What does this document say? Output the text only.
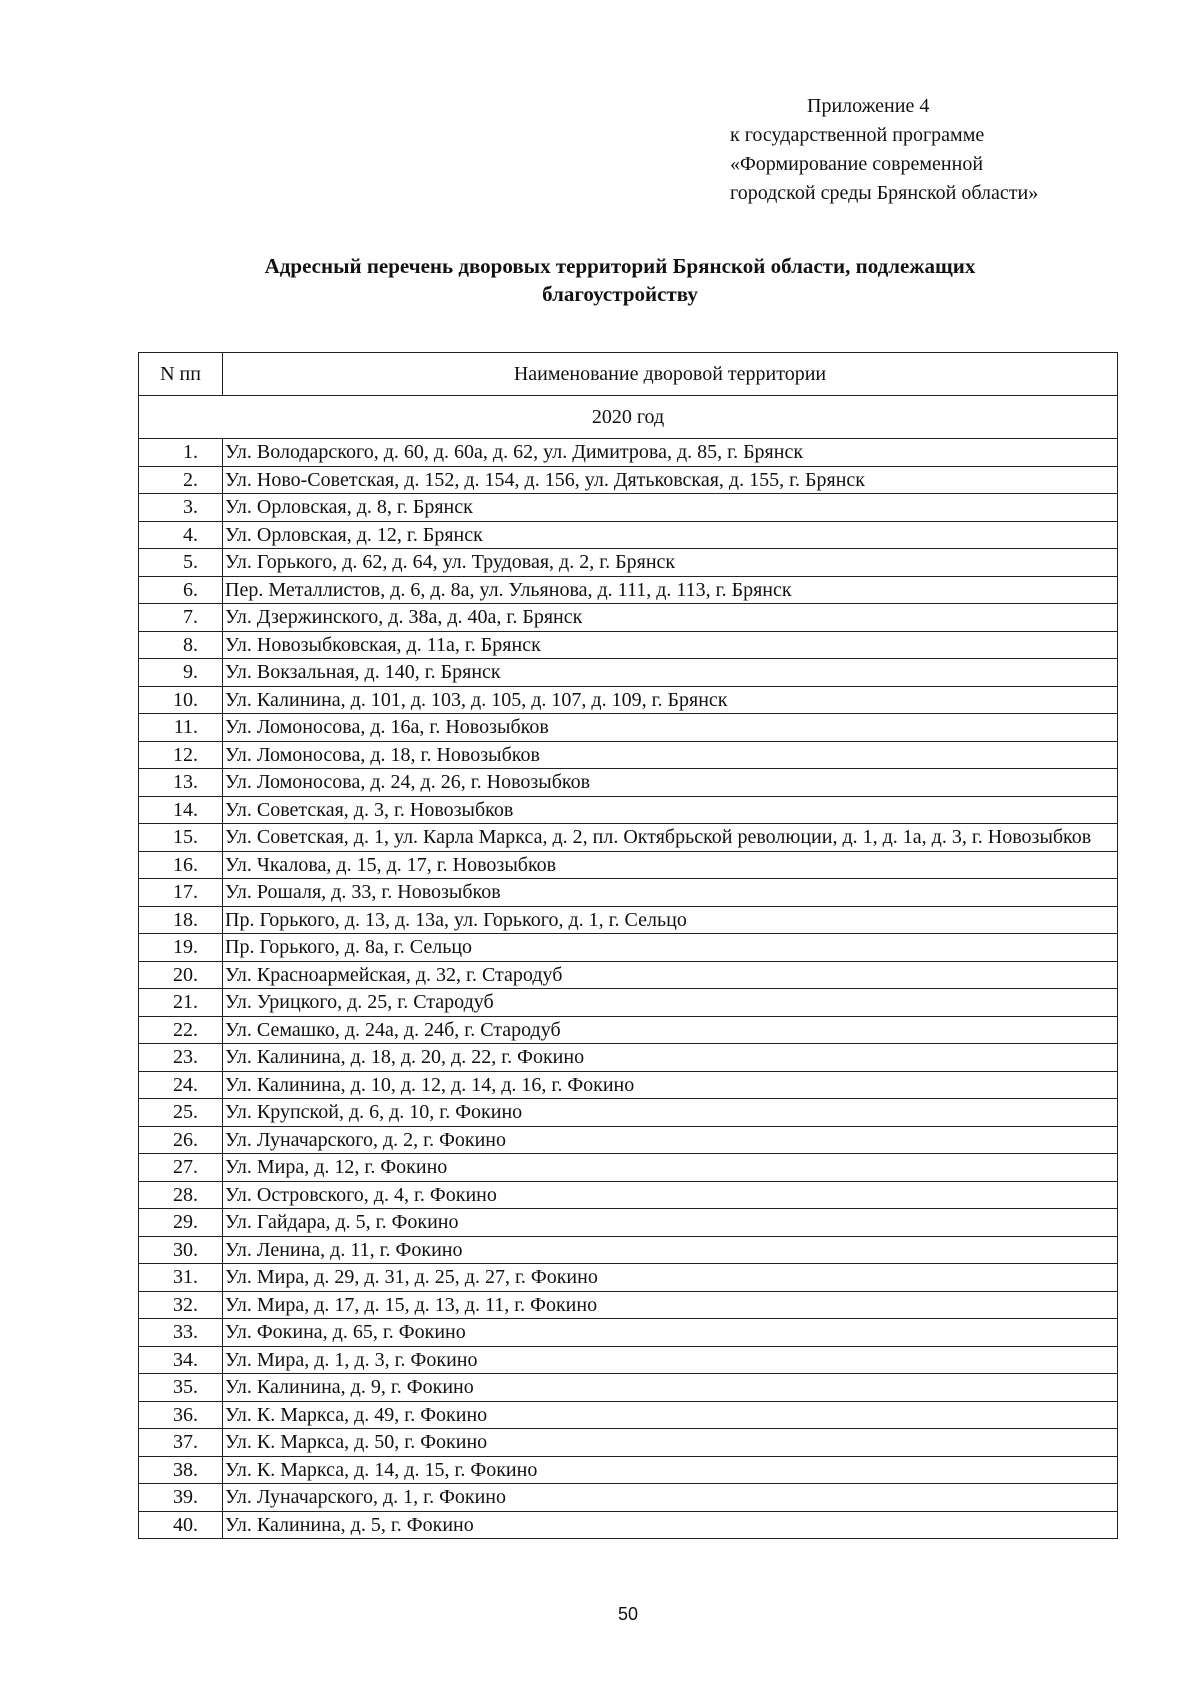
Приложение 4
к государственной программе
«Формирование современной
городской среды Брянской области»
Адресный перечень дворовых территорий Брянской области, подлежащих
благоустройству
N пп	Наименование дворовой территории
2020 год	
1.	Ул. Володарского, д. 60, д. 60а, д. 62, ул. Димитрова, д. 85, г. Брянск
2.	Ул. Ново-Советская, д. 152, д. 154, д. 156, ул. Дятьковская, д. 155, г. Брянск
3.	Ул. Орловская, д. 8, г. Брянск
4.	Ул. Орловская, д. 12, г. Брянск
5.	Ул. Горького, д. 62, д. 64, ул. Трудовая, д. 2, г. Брянск
6.	Пер. Металлистов, д. 6, д. 8а, ул. Ульянова, д. 111, д. 113, г. Брянск
7.	Ул. Дзержинского, д. 38а, д. 40а, г. Брянск
8.	Ул. Новозыбковская, д. 11а, г. Брянск
9.	Ул. Вокзальная, д. 140, г. Брянск
10.	Ул. Калинина, д. 101, д. 103, д. 105, д. 107, д. 109, г. Брянск
11.	Ул. Ломоносова, д. 16а, г. Новозыбков
12.	Ул. Ломоносова, д. 18, г. Новозыбков
13.	Ул. Ломоносова, д. 24, д. 26, г. Новозыбков
14.	Ул. Советская, д. 3, г. Новозыбков
15.	Ул. Советская, д. 1, ул. Карла Маркса, д. 2, пл. Октябрьской революции, д. 1, д. 1а, д. 3, г. Новозыбков
16.	Ул. Чкалова, д. 15, д. 17, г. Новозыбков
17.	Ул. Рошаля, д. 33, г. Новозыбков
18.	Пр. Горького, д. 13, д. 13а, ул. Горького, д. 1, г. Сельцо
19.	Пр. Горького, д. 8а, г. Сельцо
20.	Ул. Красноармейская, д. 32, г. Стародуб
21.	Ул. Урицкого, д. 25, г. Стародуб
22.	Ул. Семашко, д. 24а, д. 24б, г. Стародуб
23.	Ул. Калинина, д. 18, д. 20, д. 22, г. Фокино
24.	Ул. Калинина, д. 10, д. 12, д. 14, д. 16, г. Фокино
25.	Ул. Крупской, д. 6, д. 10, г. Фокино
26.	Ул. Луначарского, д. 2, г. Фокино
27.	Ул. Мира, д. 12, г. Фокино
28.	Ул. Островского, д. 4, г. Фокино
29.	Ул. Гайдара, д. 5, г. Фокино
30.	Ул. Ленина, д. 11, г. Фокино
31.	Ул. Мира, д. 29, д. 31, д. 25, д. 27, г. Фокино
32.	Ул. Мира, д. 17, д. 15, д. 13, д. 11, г. Фокино
33.	Ул. Фокина, д. 65, г. Фокино
34.	Ул. Мира, д. 1, д. 3, г. Фокино
35.	Ул. Калинина, д. 9, г. Фокино
36.	Ул. К. Маркса, д. 49, г. Фокино
37.	Ул. К. Маркса, д. 50, г. Фокино
38.	Ул. К. Маркса, д. 14, д. 15, г. Фокино
39.	Ул. Луначарского, д. 1, г. Фокино
40.	Ул. Калинина, д. 5, г. Фокино
50
